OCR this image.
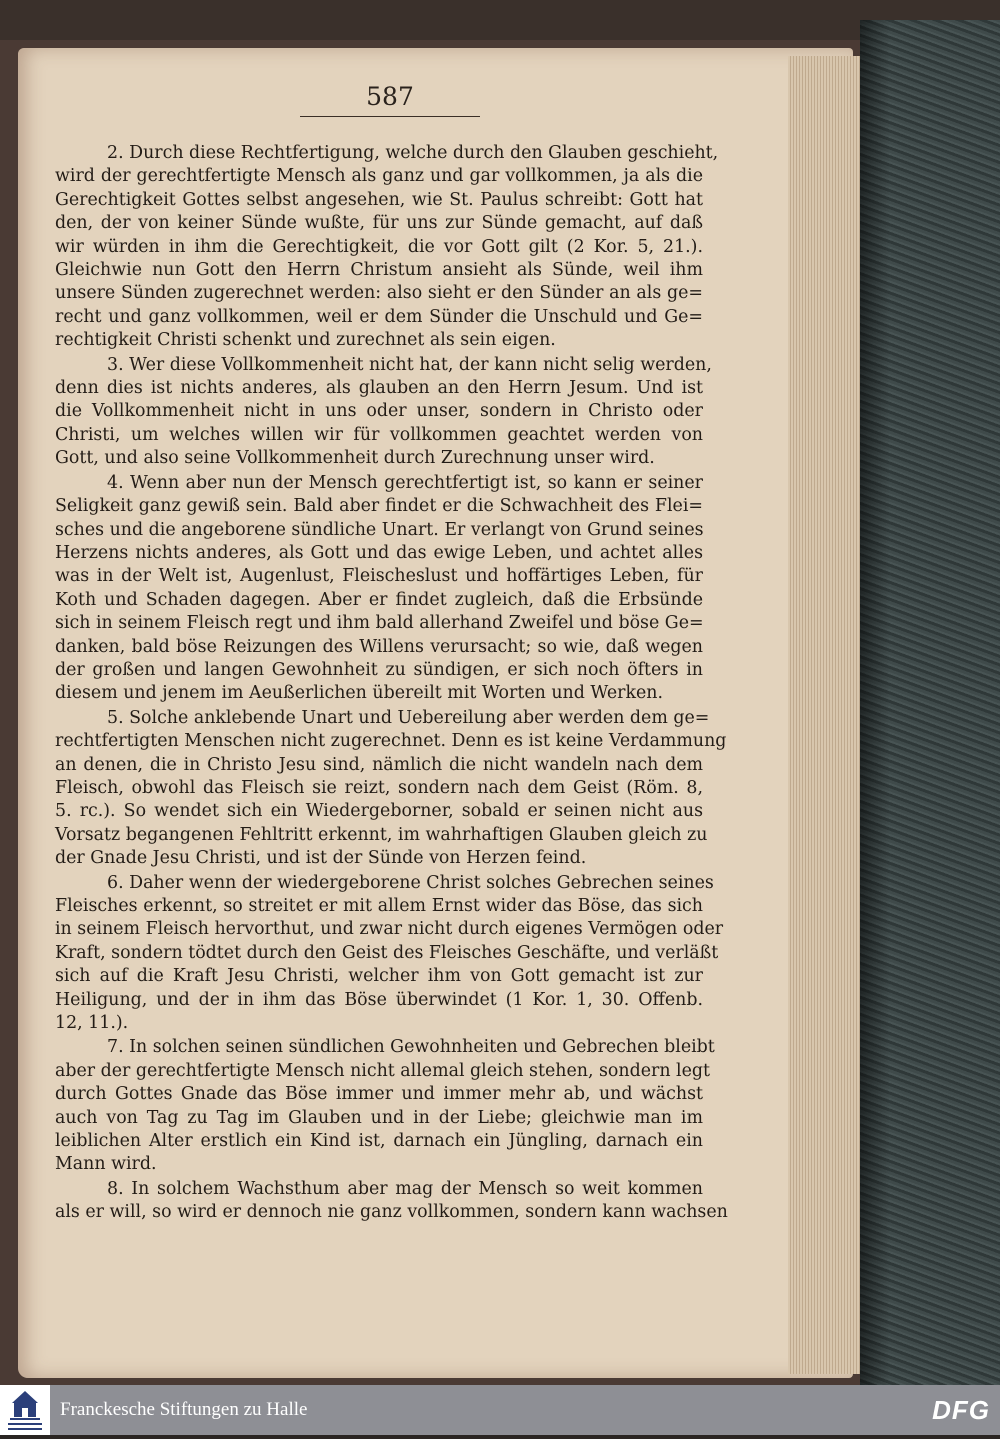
587
2. Durch diese Rechtfertigung, welche durch den Glauben geschieht,
wird der gerechtfertigte Mensch als ganz und gar vollkommen, ja als die
Gerechtigkeit Gottes selbst angesehen, wie St. Paulus schreibt: Gott hat
den, der von keiner Sünde wußte, für uns zur Sünde gemacht, auf daß
wir würden in ihm die Gerechtigkeit, die vor Gott gilt (2 Kor. 5, 21.).
Gleichwie nun Gott den Herrn Christum ansieht als Sünde, weil ihm
unsere Sünden zugerechnet werden: also sieht er den Sünder an als ge=
recht und ganz vollkommen, weil er dem Sünder die Unschuld und Ge=
rechtigkeit Christi schenkt und zurechnet als sein eigen.
3. Wer diese Vollkommenheit nicht hat, der kann nicht selig werden,
denn dies ist nichts anderes, als glauben an den Herrn Jesum. Und ist
die Vollkommenheit nicht in uns oder unser, sondern in Christo oder
Christi, um welches willen wir für vollkommen geachtet werden von
Gott, und also seine Vollkommenheit durch Zurechnung unser wird.
4. Wenn aber nun der Mensch gerechtfertigt ist, so kann er seiner
Seligkeit ganz gewiß sein. Bald aber findet er die Schwachheit des Flei=
sches und die angeborene sündliche Unart. Er verlangt von Grund seines
Herzens nichts anderes, als Gott und das ewige Leben, und achtet alles
was in der Welt ist, Augenlust, Fleischeslust und hoffärtiges Leben, für
Koth und Schaden dagegen. Aber er findet zugleich, daß die Erbsünde
sich in seinem Fleisch regt und ihm bald allerhand Zweifel und böse Ge=
danken, bald böse Reizungen des Willens verursacht; so wie, daß wegen
der großen und langen Gewohnheit zu sündigen, er sich noch öfters in
diesem und jenem im Aeußerlichen übereilt mit Worten und Werken.
5. Solche anklebende Unart und Uebereilung aber werden dem ge=
rechtfertigten Menschen nicht zugerechnet. Denn es ist keine Verdammung
an denen, die in Christo Jesu sind, nämlich die nicht wandeln nach dem
Fleisch, obwohl das Fleisch sie reizt, sondern nach dem Geist (Röm. 8,
5. rc.). So wendet sich ein Wiedergeborner, sobald er seinen nicht aus
Vorsatz begangenen Fehltritt erkennt, im wahrhaftigen Glauben gleich zu
der Gnade Jesu Christi, und ist der Sünde von Herzen feind.
6. Daher wenn der wiedergeborene Christ solches Gebrechen seines
Fleisches erkennt, so streitet er mit allem Ernst wider das Böse, das sich
in seinem Fleisch hervorthut, und zwar nicht durch eigenes Vermögen oder
Kraft, sondern tödtet durch den Geist des Fleisches Geschäfte, und verläßt
sich auf die Kraft Jesu Christi, welcher ihm von Gott gemacht ist zur
Heiligung, und der in ihm das Böse überwindet (1 Kor. 1, 30. Offenb.
12, 11.).
7. In solchen seinen sündlichen Gewohnheiten und Gebrechen bleibt
aber der gerechtfertigte Mensch nicht allemal gleich stehen, sondern legt
durch Gottes Gnade das Böse immer und immer mehr ab, und wächst
auch von Tag zu Tag im Glauben und in der Liebe; gleichwie man im
leiblichen Alter erstlich ein Kind ist, darnach ein Jüngling, darnach ein
Mann wird.
8. In solchem Wachsthum aber mag der Mensch so weit kommen
als er will, so wird er dennoch nie ganz vollkommen, sondern kann wachsen
Franckesche Stiftungen zu Halle	DFG
